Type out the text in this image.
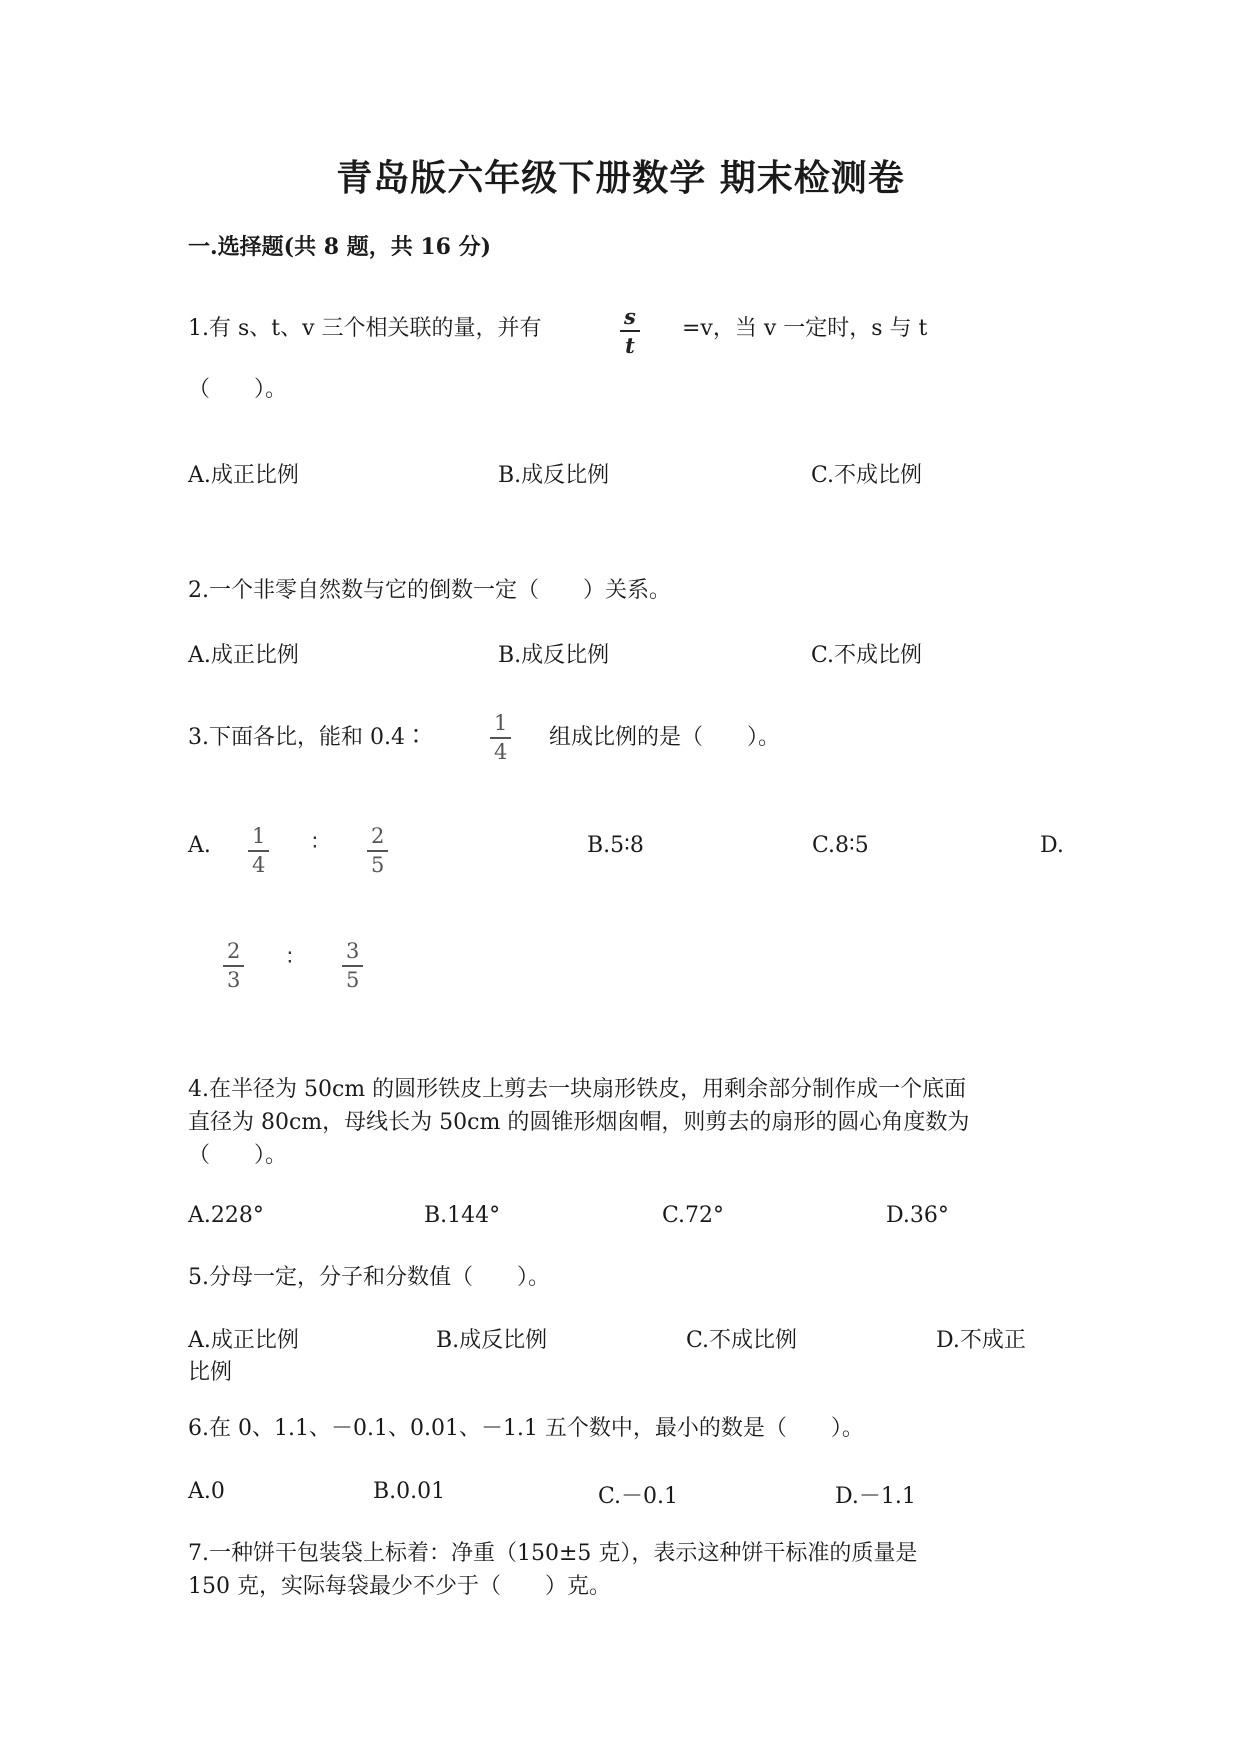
青岛版六年级下册数学 期末检测卷
一.选择题(共 8 题，共 16 分)
1.有 s、t、v 三个相关联的量，并有	s
t
=v，当 v 一定时，s 与 t
（　　）。
A.成正比例	B.成反比例	C.不成比例
2.一个非零自然数与它的倒数一定（　　）关系。
A.成正比例	B.成反比例	C.不成比例
3.下面各比，能和 0.4∶
1
4
组成比例的是（　　）。
A. 1
4
∶	2
5
B.5∶8	C.8∶5	D.
2
3
∶	3
5
4.在半径为 50cm 的圆形铁皮上剪去一块扇形铁皮，用剩余部分制作成一个底面
直径为 80cm，母线长为 50cm 的圆锥形烟囱帽，则剪去的扇形的圆心角度数为
（　　）。
A.228°	B.144°	C.72°	D.36°
5.分母一定，分子和分数值（　　）。
A.成正比例	B.成反比例	C.不成比例	D.不成正
比例
6.在 0、1.1、－0.1、0.01、－1.1 五个数中，最小的数是（　　）。
A.0	B.0.01	C.－0.1	D.－1.1
7.一种饼干包装袋上标着：净重（150±5 克），表示这种饼干标准的质量是
150 克，实际每袋最少不少于（　　）克。
